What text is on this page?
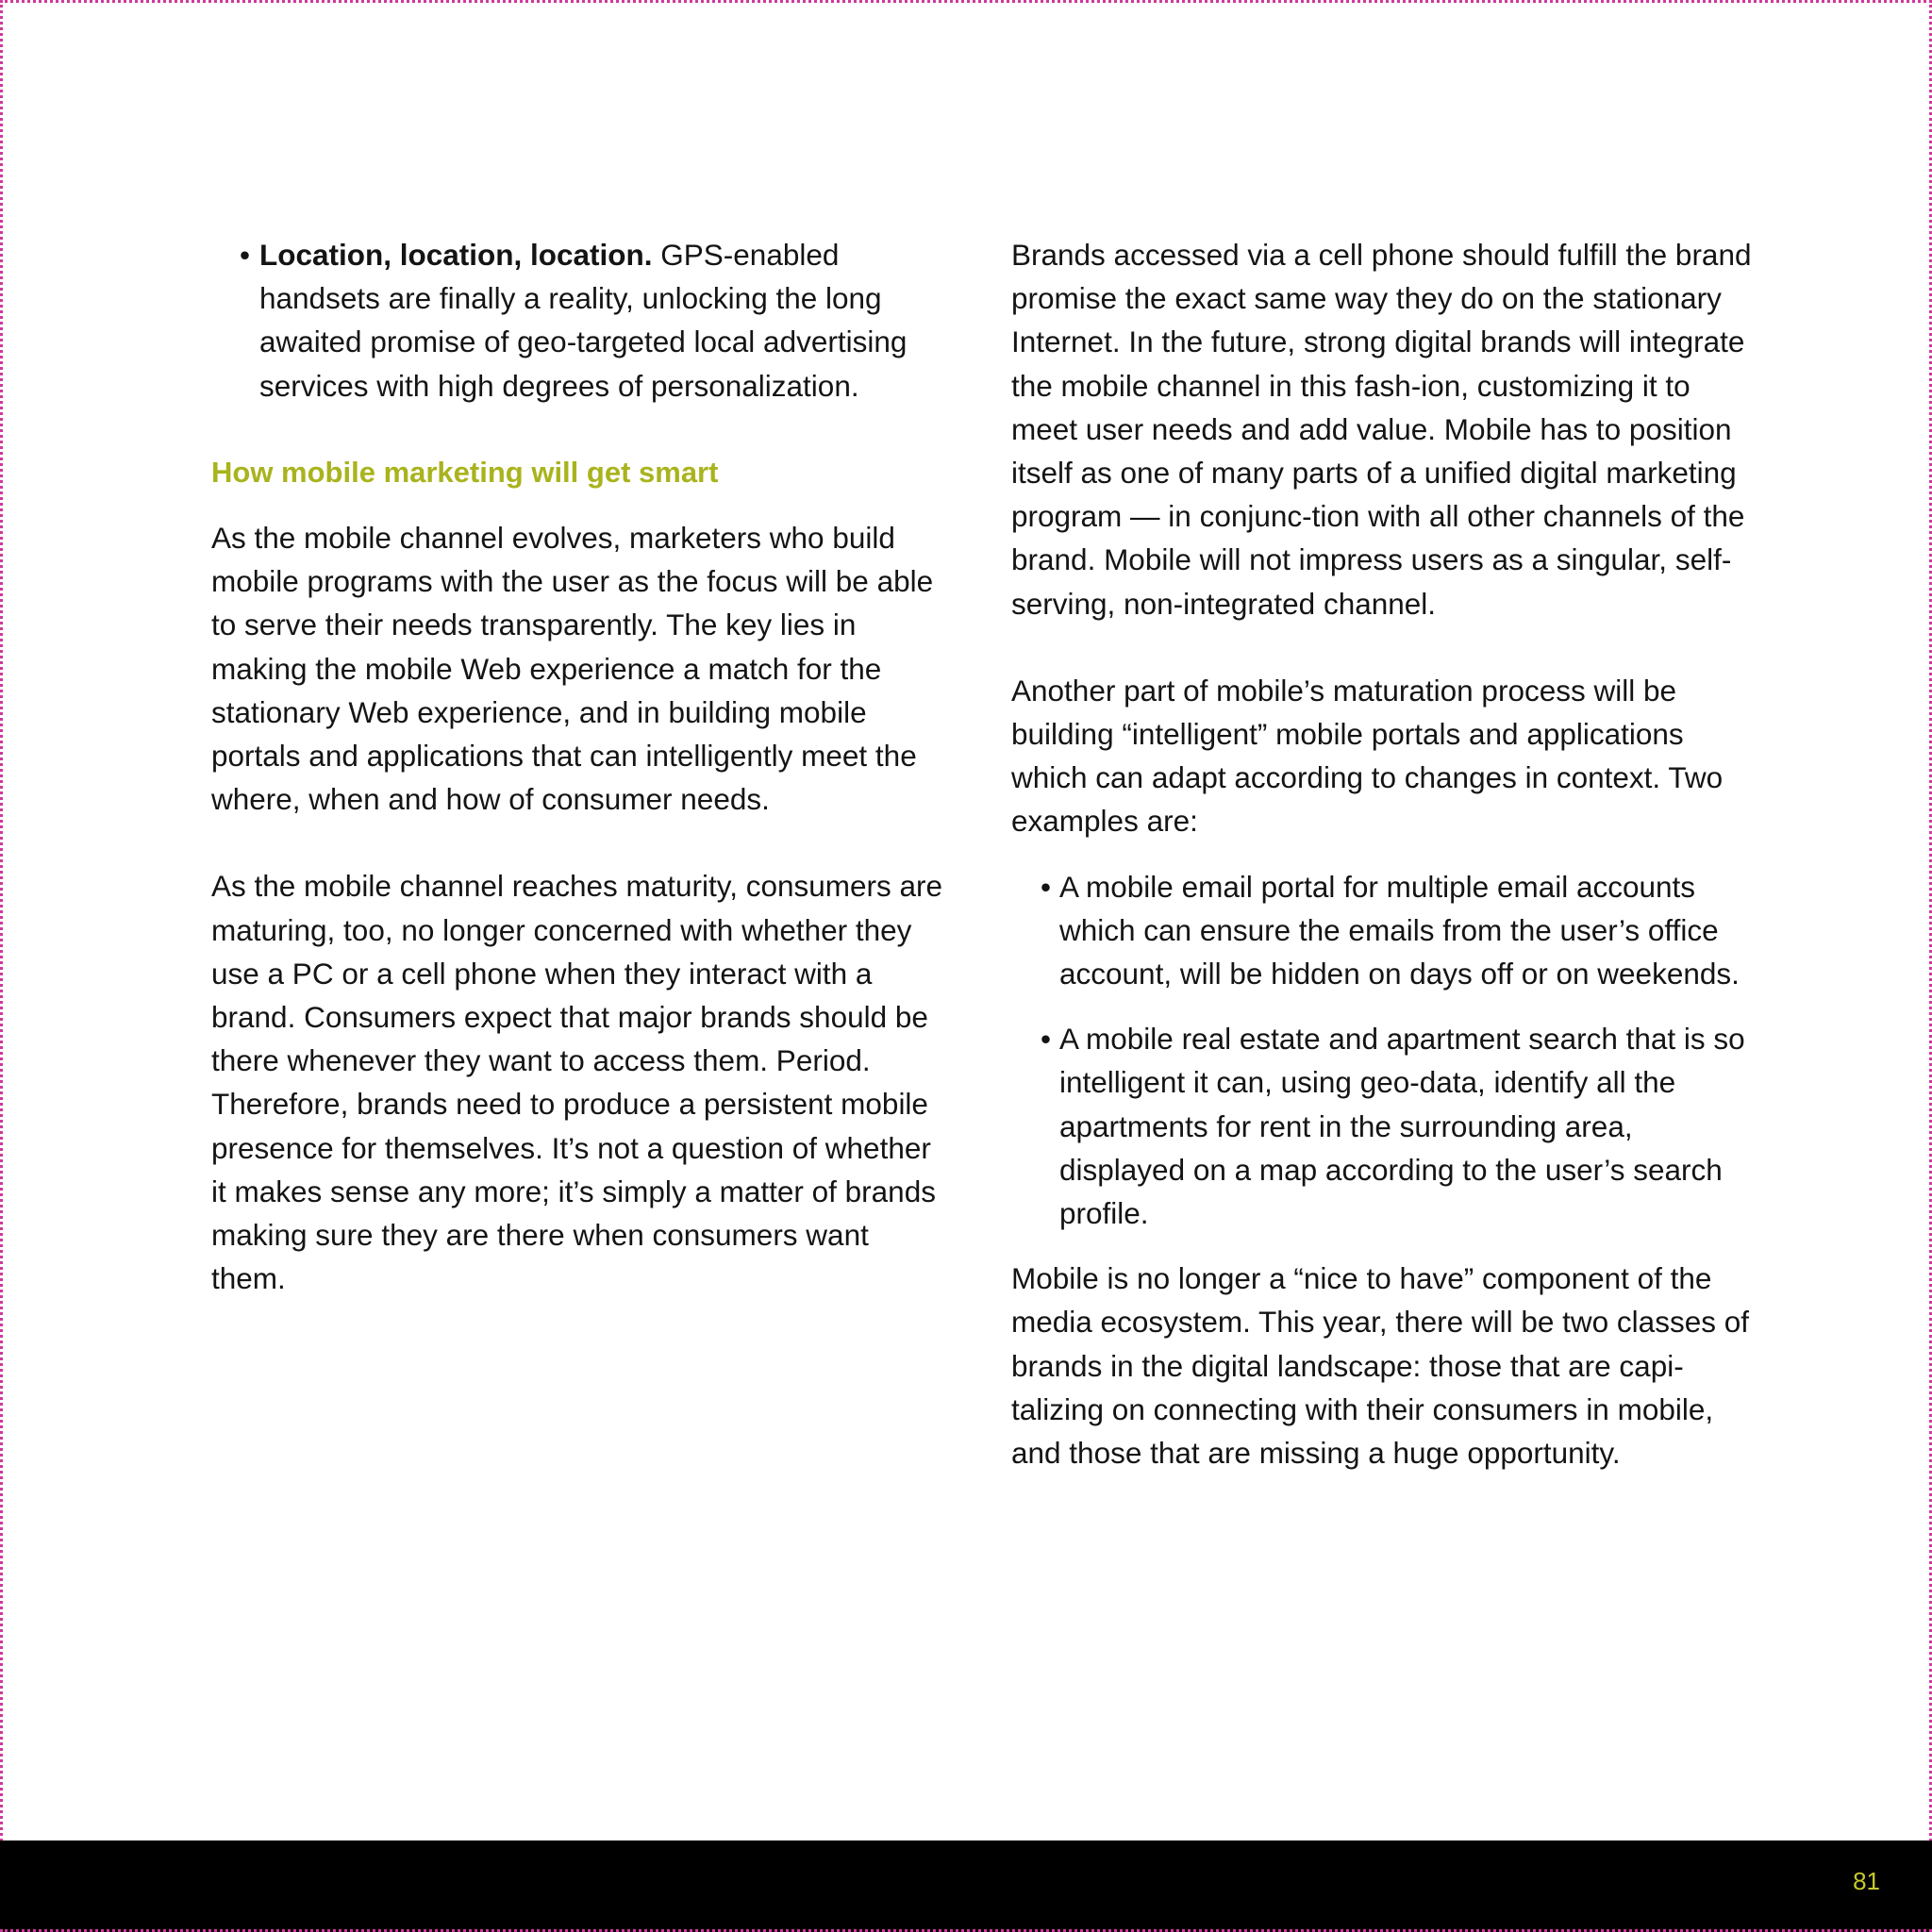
• Location, location, location. GPS-enabled handsets are finally a reality, unlocking the long awaited promise of geo-targeted local advertising services with high degrees of personalization.

How mobile marketing will get smart

As the mobile channel evolves, marketers who build mobile programs with the user as the focus will be able to serve their needs transparently. The key lies in making the mobile Web experience a match for the stationary Web experience, and in building mobile portals and applications that can intelligently meet the where, when and how of consumer needs.

As the mobile channel reaches maturity, consumers are maturing, too, no longer concerned with whether they use a PC or a cell phone when they interact with a brand. Consumers expect that major brands should be there whenever they want to access them. Period. Therefore, brands need to produce a persistent mobile presence for themselves. It’s not a question of whether it makes sense any more; it’s simply a matter of brands making sure they are there when consumers want them.

Brands accessed via a cell phone should fulfill the brand promise the exact same way they do on the stationary Internet. In the future, strong digital brands will integrate the mobile channel in this fash-ion, customizing it to meet user needs and add value. Mobile has to position itself as one of many parts of a unified digital marketing program — in conjunc-tion with all other channels of the brand. Mobile will not impress users as a singular, self-serving, non-integrated channel.

Another part of mobile’s maturation process will be building “intelligent” mobile portals and applications which can adapt according to changes in context. Two examples are:

• A mobile email portal for multiple email accounts which can ensure the emails from the user’s office account, will be hidden on days off or on weekends.
• A mobile real estate and apartment search that is so intelligent it can, using geo-data, identify all the apartments for rent in the surrounding area, displayed on a map according to the user’s search profile.

Mobile is no longer a “nice to have” component of the media ecosystem. This year, there will be two classes of brands in the digital landscape: those that are capi-talizing on connecting with their consumers in mobile, and those that are missing a huge opportunity.

81
